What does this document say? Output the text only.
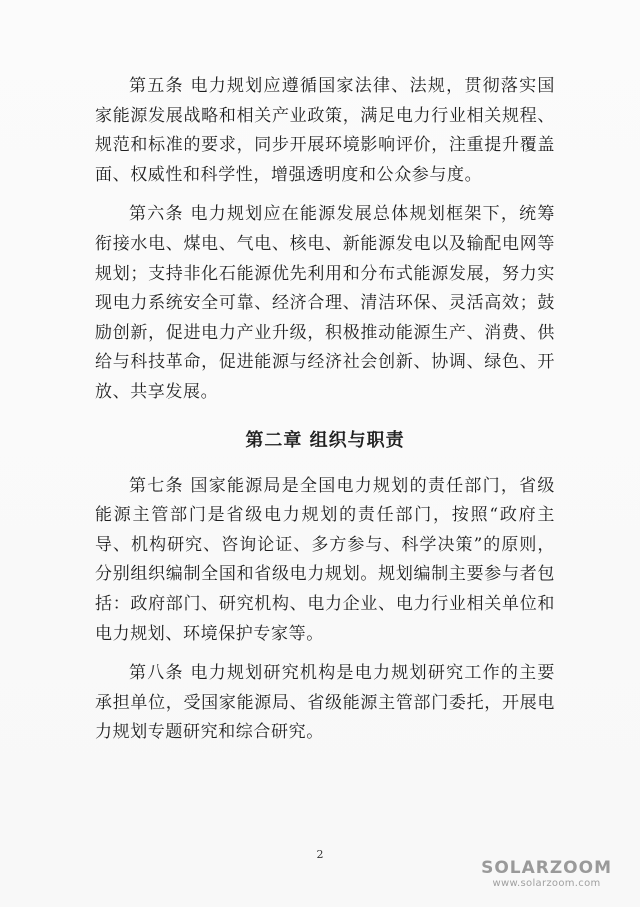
第五条 电力规划应遵循国家法律、法规，贯彻落实国家能源发展战略和相关产业政策，满足电力行业相关规程、规范和标准的要求，同步开展环境影响评价，注重提升覆盖面、权威性和科学性，增强透明度和公众参与度。

第六条 电力规划应在能源发展总体规划框架下，统筹衔接水电、煤电、气电、核电、新能源发电以及输配电网等规划；支持非化石能源优先利用和分布式能源发展，努力实现电力系统安全可靠、经济合理、清洁环保、灵活高效；鼓励创新，促进电力产业升级，积极推动能源生产、消费、供给与科技革命，促进能源与经济社会创新、协调、绿色、开放、共享发展。

第二章 组织与职责

第七条 国家能源局是全国电力规划的责任部门，省级能源主管部门是省级电力规划的责任部门，按照“政府主导、机构研究、咨询论证、多方参与、科学决策”的原则，分别组织编制全国和省级电力规划。规划编制主要参与者包括：政府部门、研究机构、电力企业、电力行业相关单位和电力规划、环境保护专家等。

第八条 电力规划研究机构是电力规划研究工作的主要承担单位，受国家能源局、省级能源主管部门委托，开展电力规划专题研究和综合研究。

2
SOLARZOOM
www.solarzoom.com
